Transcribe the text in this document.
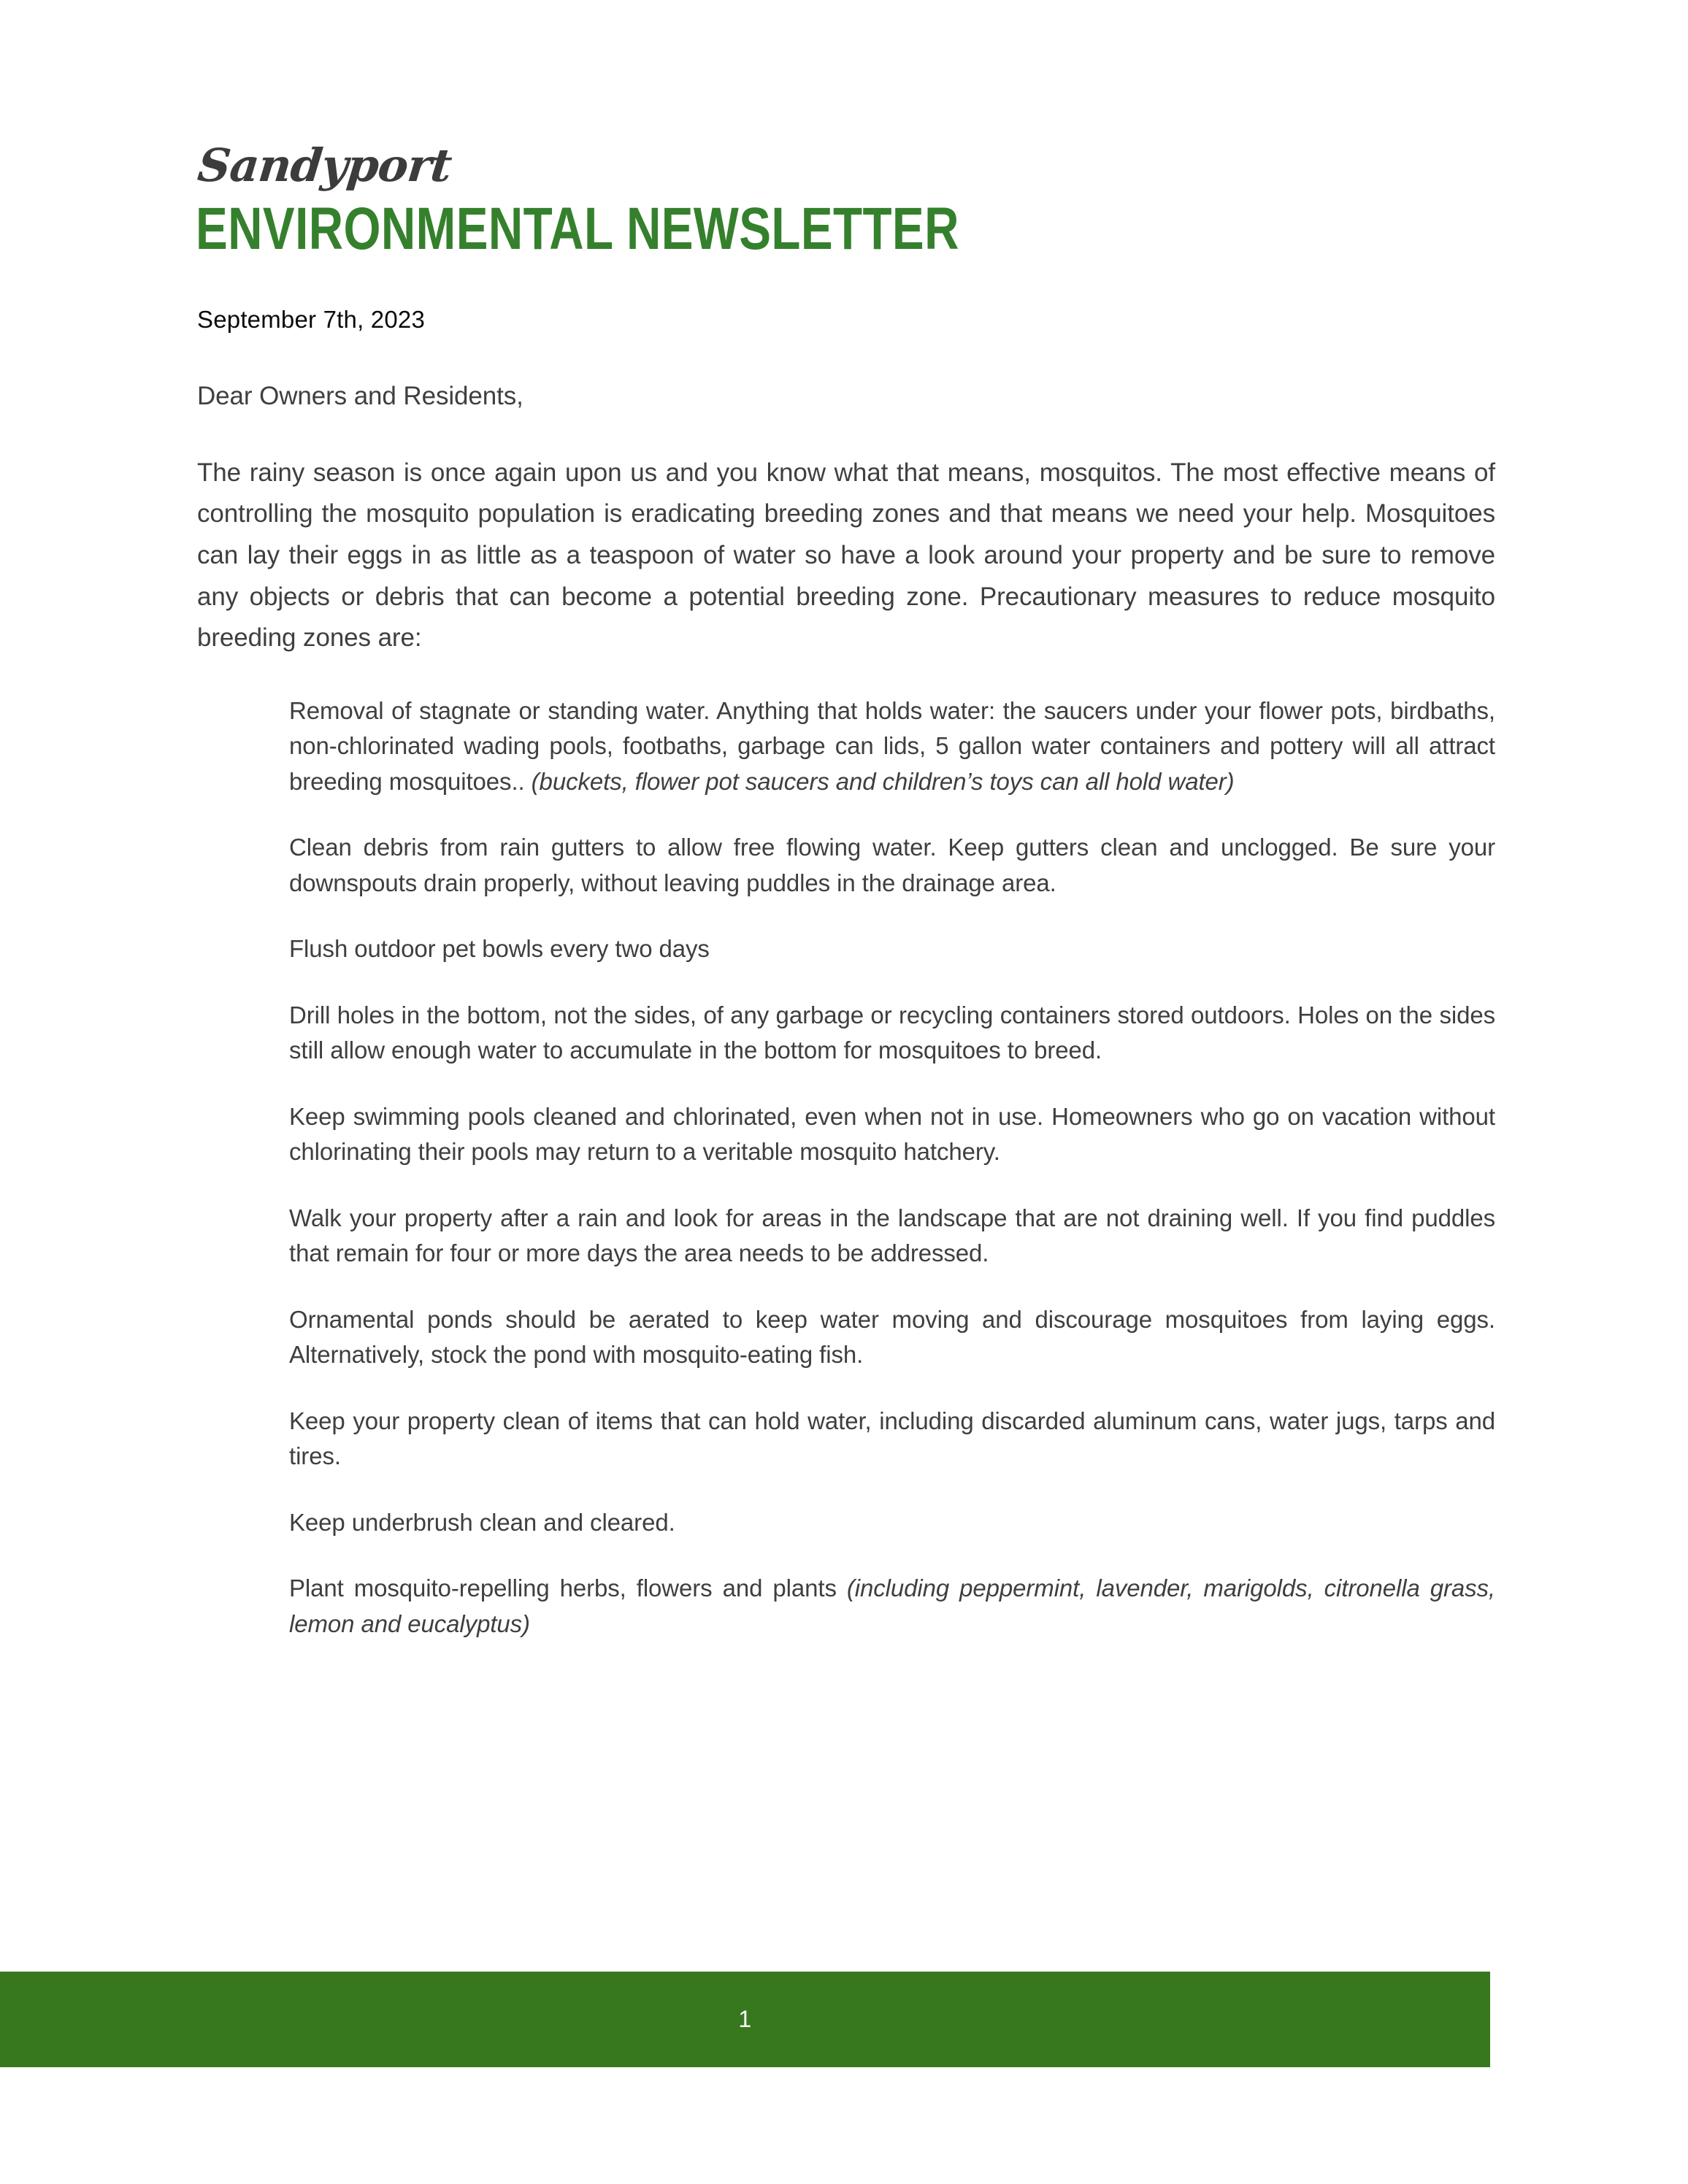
Sandyport
ENVIRONMENTAL NEWSLETTER
September 7th, 2023

Dear Owners and Residents,

The rainy season is once again upon us and you know what that means, mosquitos. The most effective means of controlling the mosquito population is eradicating breeding zones and that means we need your help. Mosquitoes can lay their eggs in as little as a teaspoon of water so have a look around your property and be sure to remove any objects or debris that can become a potential breeding zone. Precautionary measures to reduce mosquito breeding zones are:

Removal of stagnate or standing water. Anything that holds water: the saucers under your flower pots, birdbaths, non-chlorinated wading pools, footbaths, garbage can lids, 5 gallon water containers and pottery will all attract breeding mosquitoes.. (buckets, flower pot saucers and children’s toys can all hold water)
Clean debris from rain gutters to allow free flowing water. Keep gutters clean and unclogged. Be sure your downspouts drain properly, without leaving puddles in the drainage area.
Flush outdoor pet bowls every two days
Drill holes in the bottom, not the sides, of any garbage or recycling containers stored outdoors. Holes on the sides still allow enough water to accumulate in the bottom for mosquitoes to breed.
Keep swimming pools cleaned and chlorinated, even when not in use. Homeowners who go on vacation without chlorinating their pools may return to a veritable mosquito hatchery.
Walk your property after a rain and look for areas in the landscape that are not draining well. If you find puddles that remain for four or more days the area needs to be addressed.
Ornamental ponds should be aerated to keep water moving and discourage mosquitoes from laying eggs. Alternatively, stock the pond with mosquito-eating fish.
Keep your property clean of items that can hold water, including discarded aluminum cans, water jugs, tarps and tires.
Keep underbrush clean and cleared.
Plant mosquito-repelling herbs, flowers and plants (including peppermint, lavender, marigolds, citronella grass, lemon and eucalyptus)
1
